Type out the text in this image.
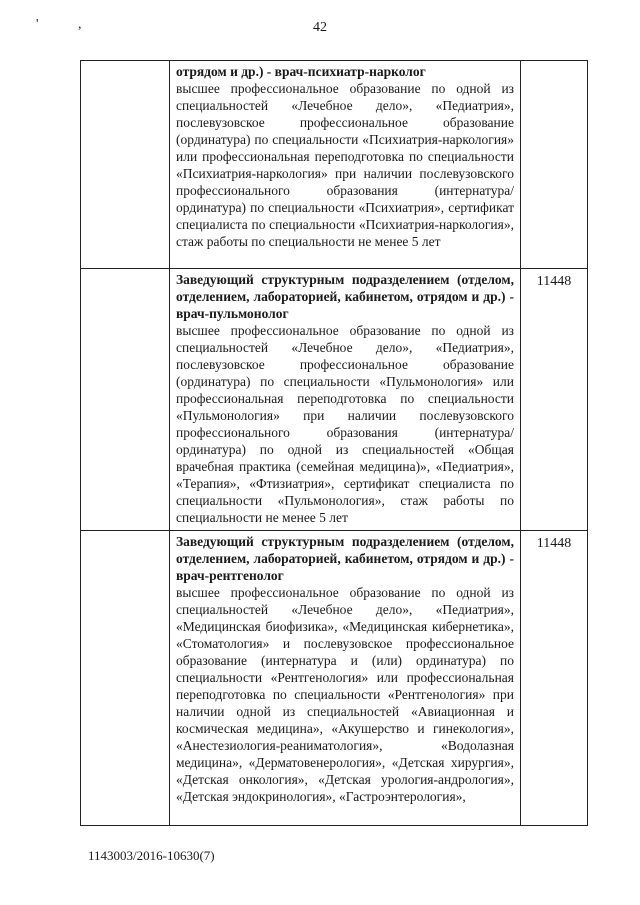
' ,	42

	отрядом и др.) - врач-психиатр-нарколог
высшее профессиональное образование по одной из специальностей «Лечебное дело», «Педиатрия», послевузовское профессиональное образование (ординатура) по специальности «Психиатрия-наркология» или профессиональная переподготовка по специальности «Психиатрия-наркология» при наличии послевузовского профессионального образования (интернатура/ординатура) по специальности «Психиатрия», сертификат специалиста по специальности «Психиатрия-наркология», стаж работы по специальности не менее 5 лет	

	Заведующий структурным подразделением (отделом, отделением, лабораторией, кабинетом, отрядом и др.) - врач-пульмонолог
высшее профессиональное образование по одной из специальностей «Лечебное дело», «Педиатрия», послевузовское профессиональное образование (ординатура) по специальности «Пульмонология» или профессиональная переподготовка по специальности «Пульмонология» при наличии послевузовского профессионального образования (интернатура/ординатура) по одной из специальностей «Общая врачебная практика (семейная медицина)», «Педиатрия», «Терапия», «Фтизиатрия», сертификат специалиста по специальности «Пульмонология», стаж работы по специальности не менее 5 лет	11448

	Заведующий структурным подразделением (отделом, отделением, лабораторией, кабинетом, отрядом и др.) - врач-рентгенолог
высшее профессиональное образование по одной из специальностей «Лечебное дело», «Педиатрия», «Медицинская биофизика», «Медицинская кибернетика», «Стоматология» и послевузовское профессиональное образование (интернатура и (или) ординатура) по специальности «Рентгенология» или профессиональная переподготовка по специальности «Рентгенология» при наличии одной из специальностей «Авиационная и космическая медицина», «Акушерство и гинекология», «Анестезиология-реаниматология», «Водолазная медицина», «Дерматовенерология», «Детская хирургия», «Детская онкология», «Детская урология-андрология», «Детская эндокринология», «Гастроэнтерология»,	11448
1143003/2016-10630(7)
